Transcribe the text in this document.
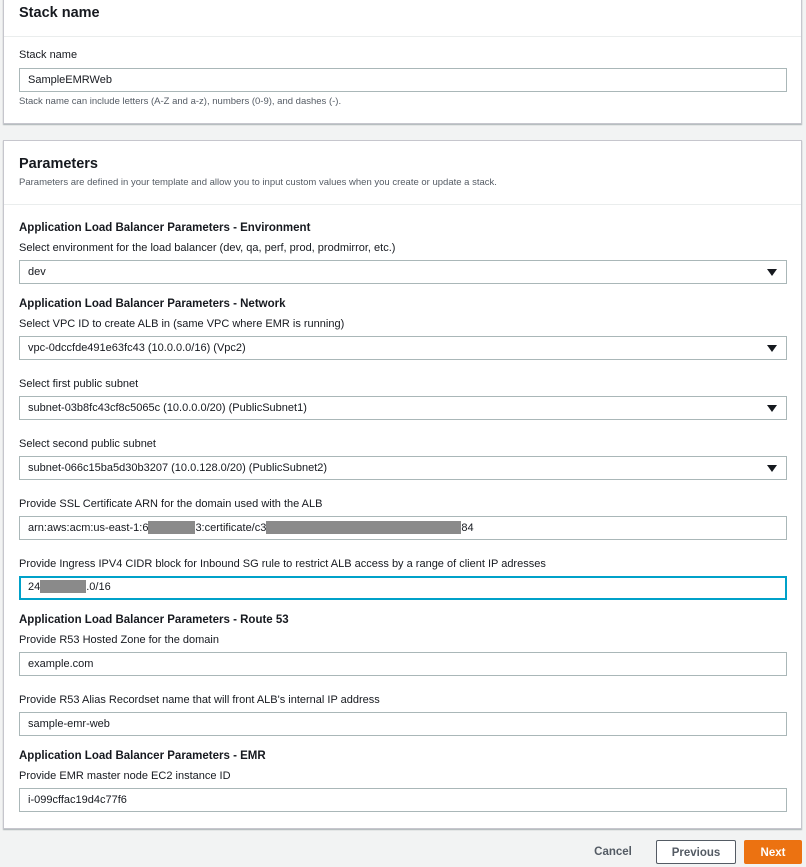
Stack name
Stack name
SampleEMRWeb
Stack name can include letters (A-Z and a-z), numbers (0-9), and dashes (-).
Parameters
Parameters are defined in your template and allow you to input custom values when you create or update a stack.
Application Load Balancer Parameters - Environment
Select environment for the load balancer (dev, qa, perf, prod, prodmirror, etc.)
dev
Application Load Balancer Parameters - Network
Select VPC ID to create ALB in (same VPC where EMR is running)
vpc-0dccfde491e63fc43 (10.0.0.0/16) (Vpc2)
Select first public subnet
subnet-03b8fc43cf8c5065c (10.0.0.0/20) (PublicSubnet1)
Select second public subnet
subnet-066c15ba5d30b3207 (10.0.128.0/20) (PublicSubnet2)
Provide SSL Certificate ARN for the domain used with the ALB
arn:aws:acm:us-east-1:6	3:certificate/c3	84
Provide Ingress IPV4 CIDR block for Inbound SG rule to restrict ALB access by a range of client IP adresses
24	.0/16
Application Load Balancer Parameters - Route 53
Provide R53 Hosted Zone for the domain
example.com
Provide R53 Alias Recordset name that will front ALB's internal IP address
sample-emr-web
Application Load Balancer Parameters - EMR
Provide EMR master node EC2 instance ID
i-099cffac19d4c77f6
Cancel	Previous	Next
